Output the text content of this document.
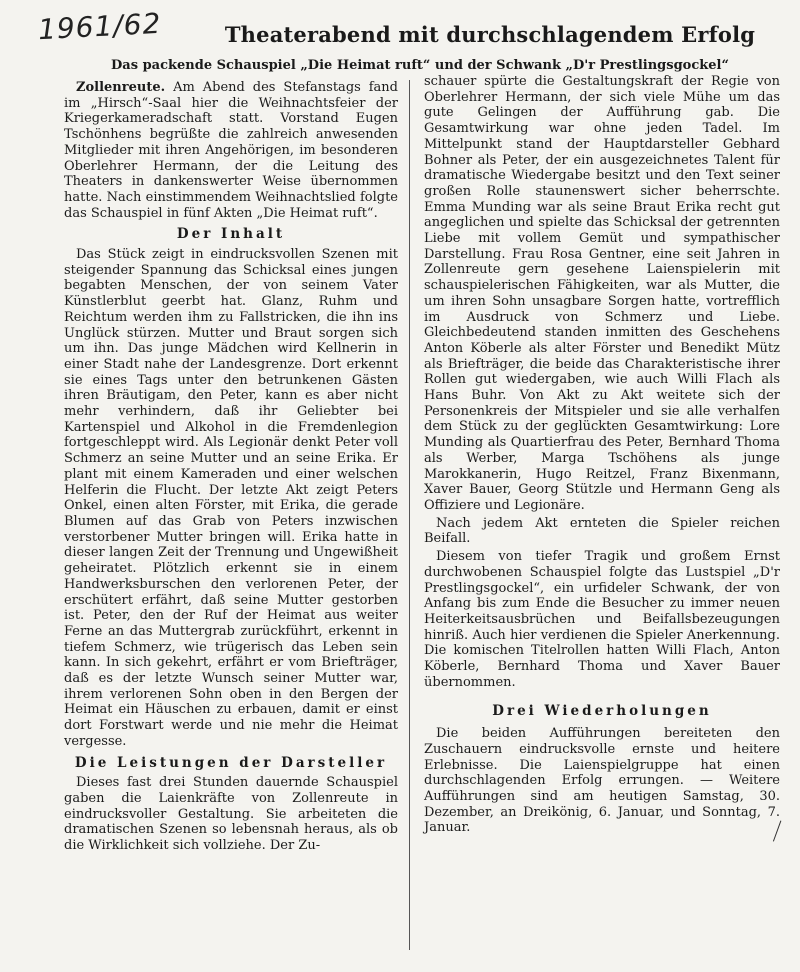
1961/62	Theaterabend mit durchschlagendem Erfolg
Das packende Schauspiel „Die Heimat ruft“ und der Schwank „D'r Prestlingsgockel“

Zollenreute. Am Abend des Stefanstags fand im „Hirsch“-Saal hier die Weihnachtsfeier der Kriegerkameradschaft statt. Vorstand Eugen Tschönhens begrüßte die zahlreich anwesenden Mitglieder mit ihren Angehörigen, im besonderen Oberlehrer Hermann, der die Leitung des Theaters in dankenswerter Weise übernommen hatte. Nach einstimmendem Weihnachtslied folgte das Schauspiel in fünf Akten „Die Heimat ruft“.

Der Inhalt

Das Stück zeigt in eindrucksvollen Szenen mit steigender Spannung das Schicksal eines jungen begabten Menschen, der von seinem Vater Künstlerblut geerbt hat. Glanz, Ruhm und Reichtum werden ihm zu Fallstricken, die ihn ins Unglück stürzen. Mutter und Braut sorgen sich um ihn. Das junge Mädchen wird Kellnerin in einer Stadt nahe der Landesgrenze. Dort erkennt sie eines Tags unter den betrunkenen Gästen ihren Bräutigam, den Peter, kann es aber nicht mehr verhindern, daß ihr Geliebter bei Kartenspiel und Alkohol in die Fremdenlegion fortgeschleppt wird. Als Legionär denkt Peter voll Schmerz an seine Mutter und an seine Erika. Er plant mit einem Kameraden und einer welschen Helferin die Flucht. Der letzte Akt zeigt Peters Onkel, einen alten Förster, mit Erika, die gerade Blumen auf das Grab von Peters inzwischen verstorbener Mutter bringen will. Erika hatte in dieser langen Zeit der Trennung und Ungewißheit geheiratet. Plötzlich erkennt sie in einem Handwerksburschen den verlorenen Peter, der erschütert erfährt, daß seine Mutter gestorben ist. Peter, den der Ruf der Heimat aus weiter Ferne an das Muttergrab zurückführt, erkennt in tiefem Schmerz, wie trügerisch das Leben sein kann. In sich gekehrt, erfährt er vom Briefträger, daß es der letzte Wunsch seiner Mutter war, ihrem verlorenen Sohn oben in den Bergen der Heimat ein Häuschen zu erbauen, damit er einst dort Forstwart werde und nie mehr die Heimat vergesse.

Die Leistungen der Darsteller

Dieses fast drei Stunden dauernde Schauspiel gaben die Laienkräfte von Zollenreute in eindrucksvoller Gestaltung. Sie arbeiteten die dramatischen Szenen so lebensnah heraus, als ob die Wirklichkeit sich vollziehe. Der Zu-

schauer spürte die Gestaltungskraft der Regie von Oberlehrer Hermann, der sich viele Mühe um das gute Gelingen der Aufführung gab. Die Gesamtwirkung war ohne jeden Tadel. Im Mittelpunkt stand der Hauptdarsteller Gebhard Bohner als Peter, der ein ausgezeichnetes Talent für dramatische Wiedergabe besitzt und den Text seiner großen Rolle staunenswert sicher beherrschte. Emma Munding war als seine Braut Erika recht gut angeglichen und spielte das Schicksal der getrennten Liebe mit vollem Gemüt und sympathischer Darstellung. Frau Rosa Gentner, eine seit Jahren in Zollenreute gern gesehene Laienspielerin mit schauspielerischen Fähigkeiten, war als Mutter, die um ihren Sohn unsagbare Sorgen hatte, vortrefflich im Ausdruck von Schmerz und Liebe. Gleichbedeutend standen inmitten des Geschehens Anton Köberle als alter Förster und Benedikt Mütz als Briefträger, die beide das Charakteristische ihrer Rollen gut wiedergaben, wie auch Willi Flach als Hans Buhr. Von Akt zu Akt weitete sich der Personenkreis der Mitspieler und sie alle verhalfen dem Stück zu der geglückten Gesamtwirkung: Lore Munding als Quartierfrau des Peter, Bernhard Thoma als Werber, Marga Tschöhens als junge Marokkanerin, Hugo Reitzel, Franz Bixenmann, Xaver Bauer, Georg Stützle und Hermann Geng als Offiziere und Legionäre.

Nach jedem Akt ernteten die Spieler reichen Beifall.

Diesem von tiefer Tragik und großem Ernst durchwobenen Schauspiel folgte das Lustspiel „D'r Prestlingsgockel“, ein urfideler Schwank, der von Anfang bis zum Ende die Besucher zu immer neuen Heiterkeitsausbrüchen und Beifallsbezeugungen hinriß. Auch hier verdienen die Spieler Anerkennung. Die komischen Titelrollen hatten Willi Flach, Anton Köberle, Bernhard Thoma und Xaver Bauer übernommen.

Drei Wiederholungen

Die beiden Aufführungen bereiteten den Zuschauern eindrucksvolle ernste und heitere Erlebnisse. Die Laienspielgruppe hat einen durchschlagenden Erfolg errungen. — Weitere Aufführungen sind am heutigen Samstag, 30. Dezember, an Dreikönig, 6. Januar, und Sonntag, 7. Januar.
